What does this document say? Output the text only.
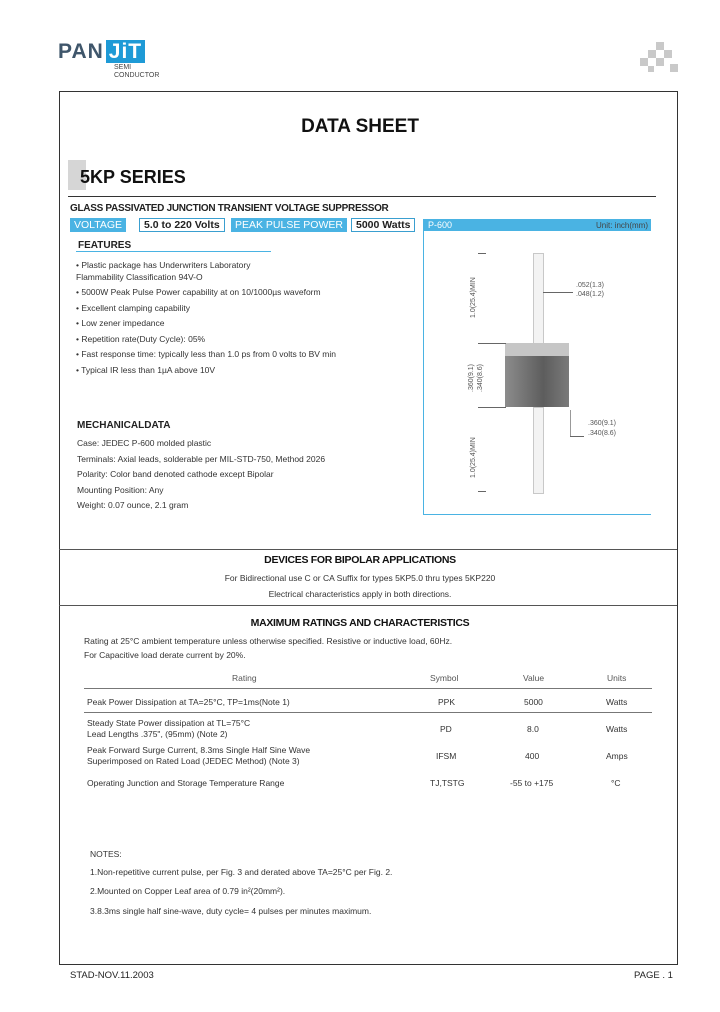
PAN JiT
SEMI
CONDUCTOR
DATA SHEET
5KP SERIES
GLASS PASSIVATED JUNCTION TRANSIENT VOLTAGE SUPPRESSOR
VOLTAGE	5.0 to 220 Volts	PEAK PULSE POWER	5000 Watts	P-600	Unit: inch(mm)
1.0(25.4)MIN
.360(9.1) .340(8.6)
1.0(25.4)MIN
.052(1.3)
.048(1.2)
.360(9.1)
.340(8.6)
FEATURES
• Plastic package has Underwriters Laboratory
Flammability Classification 94V-O
• 5000W Peak Pulse Power capability at on 10/1000µs waveform
• Excellent clamping capability
• Low zener impedance
• Repetition rate(Duty Cycle): 05%
• Fast response time: typically less than 1.0 ps from 0 volts to BV min
• Typical IR less than 1µA above 10V
MECHANICALDATA
Case: JEDEC P-600 molded plastic
Terminals: Axial leads, solderable per MIL-STD-750, Method 2026
Polarity: Color band denoted cathode except Bipolar
Mounting Position: Any
Weight: 0.07 ounce, 2.1 gram
DEVICES FOR BIPOLAR APPLICATIONS
For Bidirectional use C or CA Suffix for types 5KP5.0 thru types 5KP220
Electrical characteristics apply in both directions.
MAXIMUM RATINGS AND CHARACTERISTICS
Rating at 25°C ambient temperature unless otherwise specified. Resistive or inductive load, 60Hz.
For Capacitive load derate current by 20%.
Rating	Symbol	Value	Units
Peak Power Dissipation at TA=25°C, TP=1ms(Note 1)	PPK	5000	Watts
Steady State Power dissipation at TL=75°C
Lead Lengths .375", (95mm) (Note 2)	PD	8.0	Watts
Peak Forward Surge Current, 8.3ms Single Half Sine Wave
Superimposed on Rated Load (JEDEC Method) (Note 3)	IFSM	400	Amps
Operating Junction and Storage Temperature Range	TJ,TSTG	-55 to +175	°C
NOTES:
1.Non-repetitive current pulse, per Fig. 3 and derated above TA=25°C per Fig. 2.
2.Mounted on Copper Leaf area of 0.79 in²(20mm²).
3.8.3ms single half sine-wave, duty cycle= 4 pulses per minutes maximum.
STAD-NOV.11.2003	PAGE . 1
